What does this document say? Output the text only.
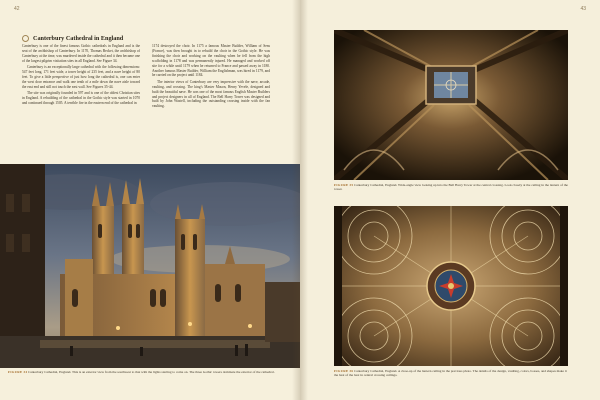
42
Canterbury Cathedral in England

Canterbury is one of the finest famous Gothic cathedrals in England and is the seat of the archbishop of Canterbury. In 1170, Thomas Becket, the archbishop of Canterbury at the time, was murdered inside the cathedral and it then became one of the largest pilgrim visitation sites in all England. See Figure 34.

Canterbury is an exceptionally large cathedral with the following dimensions: 547 feet long, 171 feet wide, a tower height of 235 feet, and a nave height of 80 feet. To give a little perspective of just how long the cathedral is, one can enter the west door entrance and walk one tenth of a mile down the nave aisle toward the east end and still not touch the east wall. See Figures 35-44.

The site was originally founded in 597 and is one of the oldest Christian sites in England. A rebuilding of the cathedral in the Gothic style was started in 1070 and continued through 1505. A terrible fire in the eastern end of the cathedral in

1174 destroyed the choir. In 1175 a famous Master Builder, William of Sens (France), was then brought in to rebuild the choir in the Gothic style. He was finishing the choir and working on the vaulting when he fell from the high scaffolding in 1178 and was permanently injured. He managed and worked off site for a while until 1179 when he returned to France and passed away in 1180. Another famous Master Builder, William the Englishman, was hired in 1179, and he carried on the project until 1184.

The interior views of Canterbury are very impressive with the nave, arcade, vaulting, and crossing. The king's Master Mason, Henry Yevele, designed and built the beautiful nave. He was one of the most famous English Master Builders and project designers in all of England. The Bell Harry Tower was designed and built by John Wastell, including the outstanding crossing inside with the fan vaulting.

FIGURE 34 Canterbury Cathedral, England. This is an exterior view from the southwest to that with the lights starting to come on. The three Gothic towers dominate the exterior of the cathedral.
43
FIGURE 35 Canterbury Cathedral, England. Wide-angle view looking up into the Bell Harry Tower at the central crossing. Look closely at the ceiling in the lantern of the tower.
FIGURE 36 Canterbury Cathedral, England. A close-up of the lantern ceiling in the previous photo. The details of the design, vaulting, colors, bosses, and shapes make it the best of the best in central crossing ceilings.
